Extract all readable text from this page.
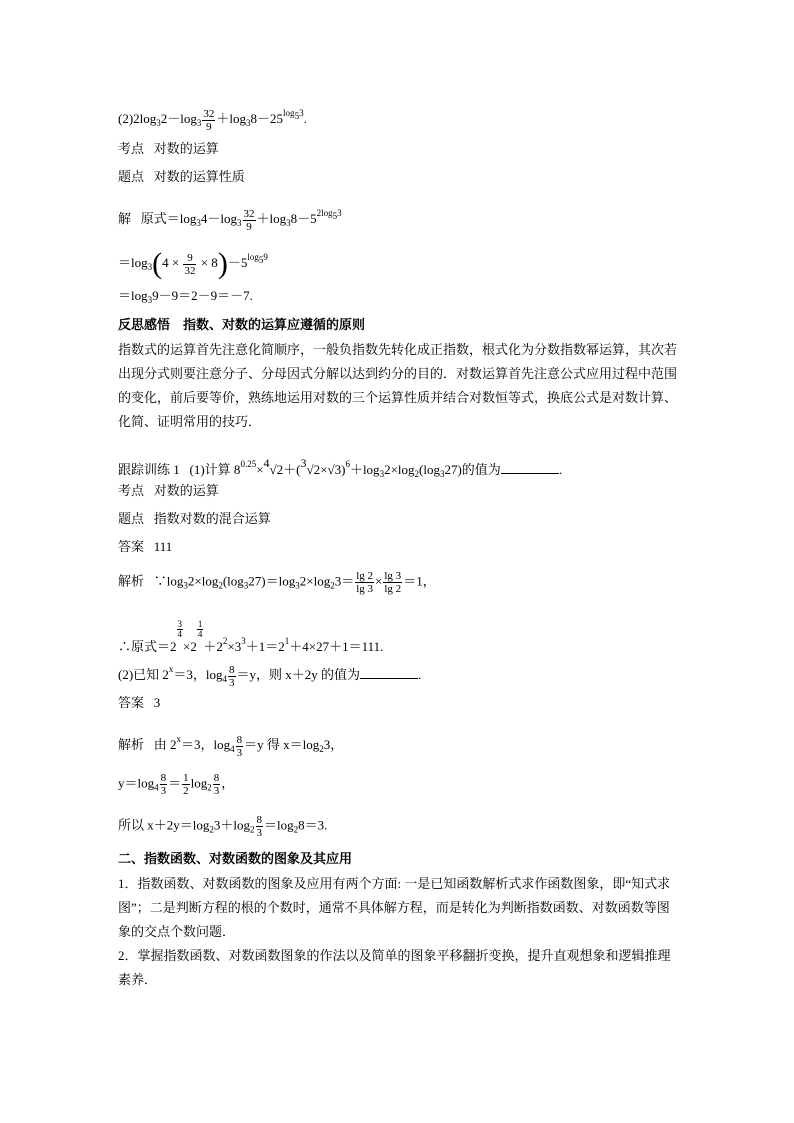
$(2)2\log_32-\log_3 \frac{32}{9} +\log_38-25^{log_53}$.
考点 对数的运算
题点 对数的运算性质
解 原式$=\log_34-\log_3 \frac{32}{9} +\log_38-5^{2log_53}$
$=\log_3(4 \times \frac{9}{32} \times 8)-5^{log_59}$
$=\log_39-9=2-9=-7$.
反思感悟　指数、对数的运算应遵循的原则
指数式的运算首先注意化简顺序，一般负指数先转化成正指数，根式化为分数指数幂运算，其次若出现分式则要注意分子、分母因式分解以达到约分的目的．对数运算首先注意公式应用过程中范围的变化，前后要等价，熟练地运用对数的三个运算性质并结合对数恒等式，换底公式是对数计算、化简、证明常用的技巧．
跟踪训练 1 (1)计算 $8^{0.25}\times^4√2+(^3√2\times√3)^6+\log_32\times\log_2(\log_327)$的值为	.
考点 对数的运算
题点 指数对数的混合运算
答案 111
解析 $\because\log_32\times\log_2(\log_327)=\log_32\times\log_23= \frac{\lg 2}{\lg 3} \times \frac{\lg 3}{\lg 2} =1$，
∴原式＝2
$\frac{3}{4}$
×2
$\frac{1}{4}$
$+2^2\times 3^3+1=2^1+4\times 27+1=111$.
(2)已知 $2^x=3$，$\log_4 \frac{8}{3} =y$，则 x＋2y 的值为	.
答案 3
解析 由 $2^x=3$，$\log_4 \frac{8}{3} =y$ 得 $x=\log_23$，
$y=\log_4 \frac{8}{3} = \frac{1}{2} \log_2 \frac{8}{3}$ ，
所以 $x+2y=\log_23+\log_2 \frac{8}{3} =\log_28=3$.
二、指数函数、对数函数的图象及其应用
1．指数函数、对数函数的图象及应用有两个方面: 一是已知函数解析式求作函数图象，即“知式求图”；二是判断方程的根的个数时，通常不具体解方程，而是转化为判断指数函数、对数函数等图象的交点个数问题．
2．掌握指数函数、对数函数图象的作法以及简单的图象平移翻折变换，提升直观想象和逻辑推理素养．
